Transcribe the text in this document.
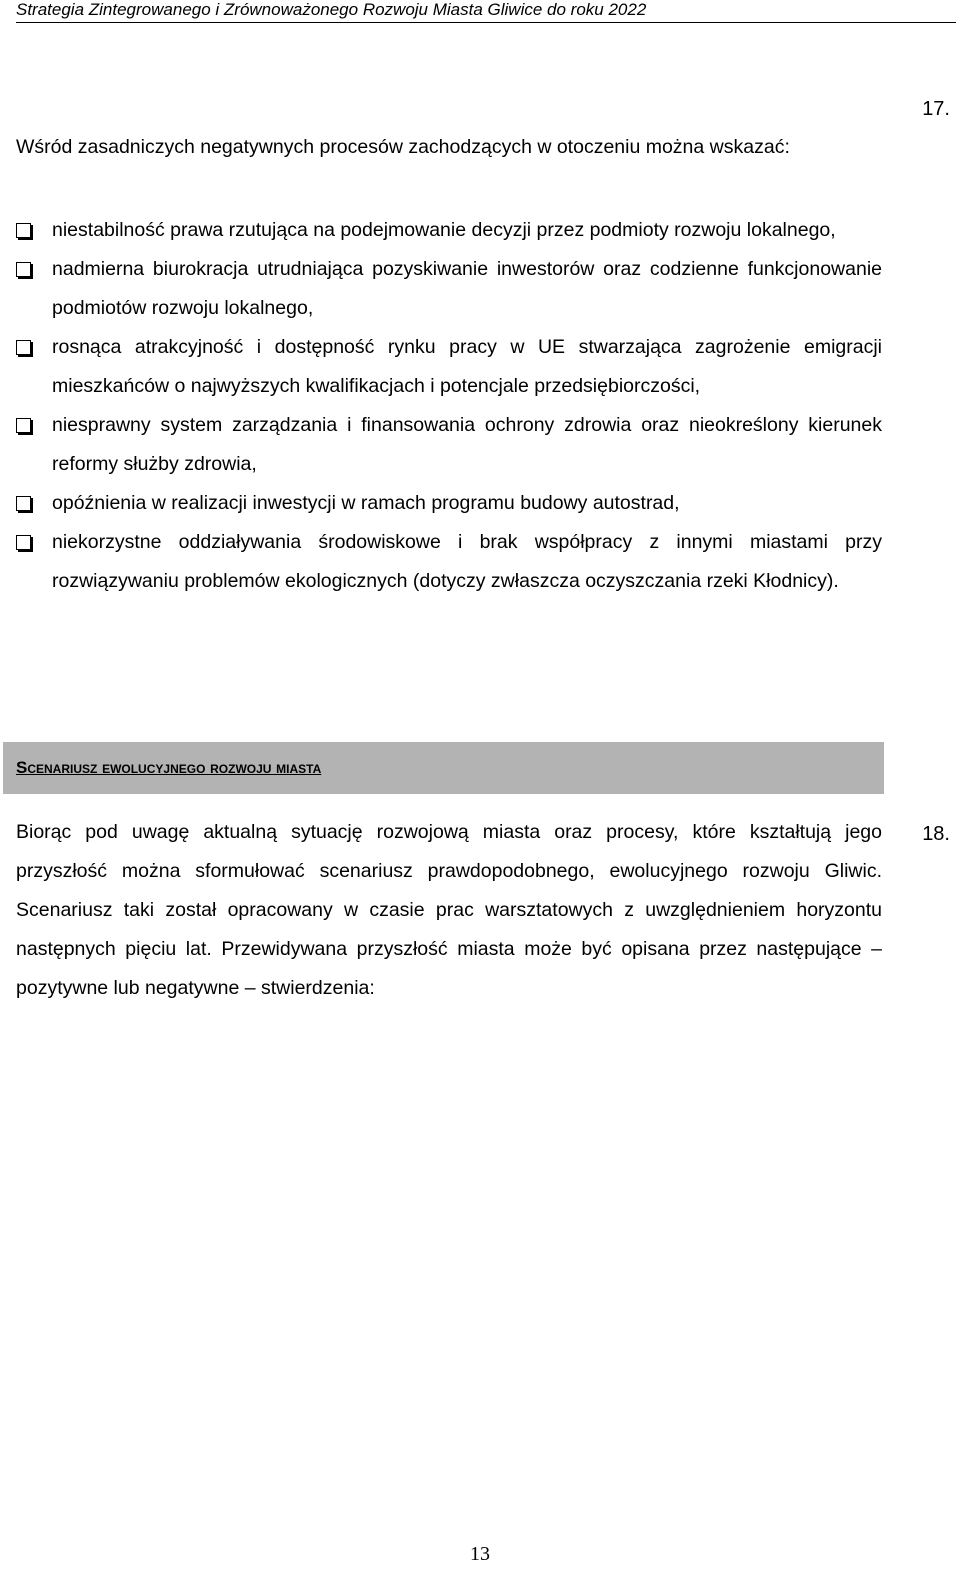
Strategia Zintegrowanego i Zrównoważonego Rozwoju Miasta Gliwice do roku 2022
17.
Wśród zasadniczych negatywnych procesów zachodzących w otoczeniu można wskazać:
niestabilność prawa rzutująca na podejmowanie decyzji przez podmioty rozwoju lokalnego,
nadmierna biurokracja utrudniająca pozyskiwanie inwestorów oraz codzienne funkcjonowanie podmiotów rozwoju lokalnego,
rosnąca atrakcyjność i dostępność rynku pracy w UE stwarzająca zagrożenie emigracji mieszkańców o najwyższych kwalifikacjach i potencjale przedsiębiorczości,
niesprawny system zarządzania i finansowania ochrony zdrowia oraz nieokreślony kierunek reformy służby zdrowia,
opóźnienia w realizacji inwestycji w ramach programu budowy autostrad,
niekorzystne oddziaływania środowiskowe i brak współpracy z innymi miastami przy rozwiązywaniu problemów ekologicznych (dotyczy zwłaszcza oczyszczania rzeki Kłodnicy).
Scenariusz ewolucyjnego rozwoju miasta
18.
Biorąc pod uwagę aktualną sytuację rozwojową miasta oraz procesy, które kształtują jego przyszłość można sformułować scenariusz prawdopodobnego, ewolucyjnego rozwoju Gliwic. Scenariusz taki został opracowany w czasie prac warsztatowych z uwzględnieniem horyzontu następnych pięciu lat. Przewidywana przyszłość miasta może być opisana przez następujące – pozytywne lub negatywne – stwierdzenia:
13
